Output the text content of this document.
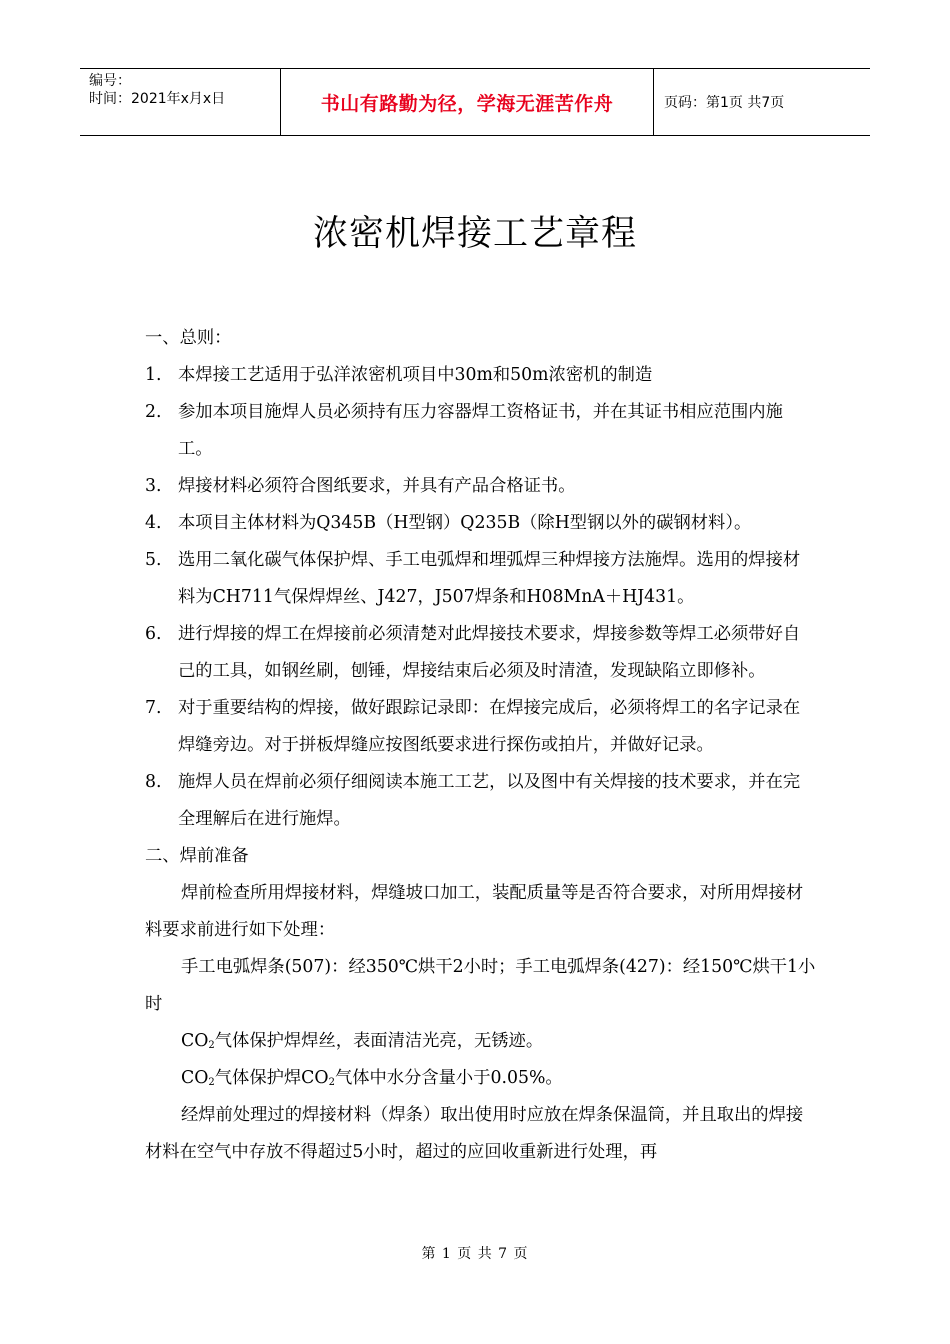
编号：
时间：2021年x月x日	书山有路勤为径，学海无涯苦作舟	页码：第1页 共7页
浓密机焊接工艺章程

一、总则：

1. 本焊接工艺适用于弘洋浓密机项目中30m和50m浓密机的制造
2. 参加本项目施焊人员必须持有压力容器焊工资格证书，并在其证书相应范围内施工。
3. 焊接材料必须符合图纸要求，并具有产品合格证书。
4. 本项目主体材料为Q345B（H型钢）Q235B（除H型钢以外的碳钢材料）。
5. 选用二氧化碳气体保护焊、手工电弧焊和埋弧焊三种焊接方法施焊。选用的焊接材料为CH711气保焊焊丝、J427，J507焊条和H08MnA＋HJ431。
6. 进行焊接的焊工在焊接前必须清楚对此焊接技术要求，焊接参数等焊工必须带好自己的工具，如钢丝刷，刨锤，焊接结束后必须及时清渣，发现缺陷立即修补。
7. 对于重要结构的焊接，做好跟踪记录即：在焊接完成后，必须将焊工的名字记录在焊缝旁边。对于拼板焊缝应按图纸要求进行探伤或拍片，并做好记录。
8. 施焊人员在焊前必须仔细阅读本施工工艺，以及图中有关焊接的技术要求，并在完全理解后在进行施焊。

二、焊前准备

焊前检查所用焊接材料，焊缝坡口加工，装配质量等是否符合要求，对所用焊接材料要求前进行如下处理：

手工电弧焊条(507)：经350℃烘干2小时；手工电弧焊条(427)：经150℃烘干1小时

$CO_2$气体保护焊焊丝，表面清洁光亮，无锈迹。

$CO_2$气体保护焊$CO_2$气体中水分含量小于0.05%。

经焊前处理过的焊接材料（焊条）取出使用时应放在焊条保温筒，并且取出的焊接材料在空气中存放不得超过5小时，超过的应回收重新进行处理，再

第 1 页 共 7 页
